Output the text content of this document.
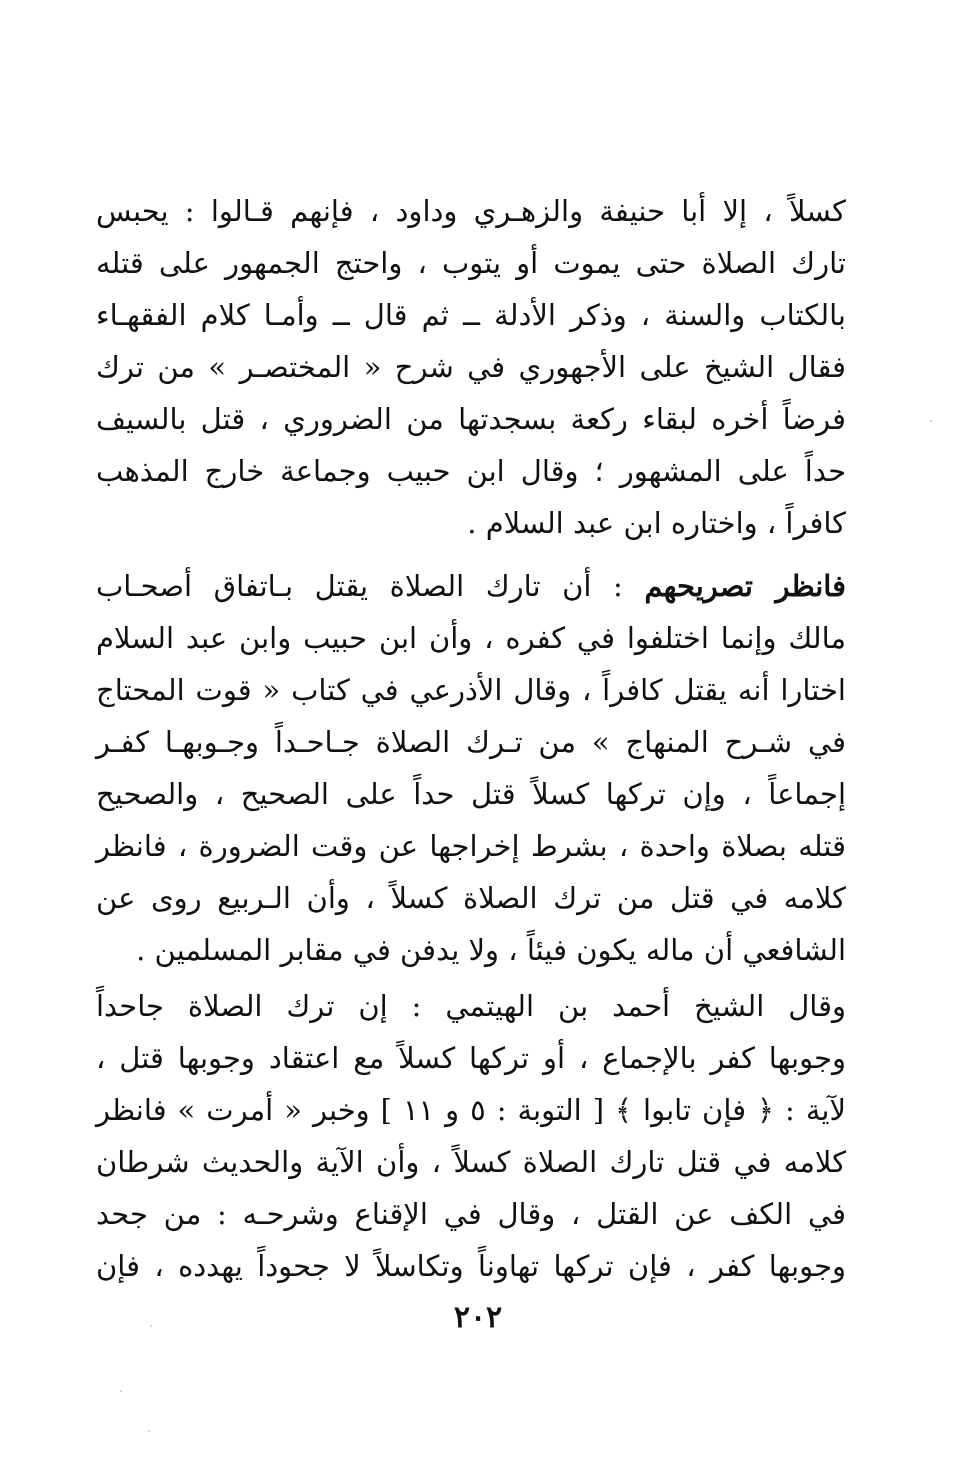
كسلاً ، إلا أبا حنيفة والزهـري وداود ، فإنهم قـالوا : يحبس
تارك الصلاة حتى يموت أو يتوب ، واحتج الجمهور على قتله
بالكتاب والسنة ، وذكر الأدلة ــ ثم قال ــ وأمـا كلام الفقهـاء
فقال الشيخ على الأجهوري في شرح « المختصـر » من ترك
فرضاً أخره لبقاء ركعة بسجدتها من الضروري ، قتل بالسيف
حداً على المشهور ؛ وقال ابن حبيب وجماعة خارج المذهب
كافراً ، واختاره ابن عبد السلام .
فانظر تصريحهم : أن تارك الصلاة يقتل بـاتفاق أصحـاب
مالك وإنما اختلفوا في كفره ، وأن ابن حبيب وابن عبد السلام
اختارا أنه يقتل كافراً ، وقال الأذرعي في كتاب « قوت المحتاج
في شـرح المنهاج » من تـرك الصلاة جـاحـداً وجـوبهـا كفـر
إجماعاً ، وإن تركها كسلاً قتل حداً على الصحيح ، والصحيح
قتله بصلاة واحدة ، بشرط إخراجها عن وقت الضرورة ، فانظر
كلامه في قتل من ترك الصلاة كسلاً ، وأن الـربيع روى عن
الشافعي أن ماله يكون فيئاً ، ولا يدفن في مقابر المسلمين .
وقال الشيخ أحمد بن الهيتمي : إن ترك الصلاة جاحداً
وجوبها كفر بالإجماع ، أو تركها كسلاً مع اعتقاد وجوبها قتل ،
لآية : ﴿ فإن تابوا ﴾ [ التوبة : ٥ و ١١ ] وخبر « أمرت » فانظر
كلامه في قتل تارك الصلاة كسلاً ، وأن الآية والحديث شرطان
في الكف عن القتل ، وقال في الإقناع وشرحـه : من جحد
وجوبها كفر ، فإن تركها تهاوناً وتكاسلاً لا جحوداً يهدده ، فإن
٢٠٢
